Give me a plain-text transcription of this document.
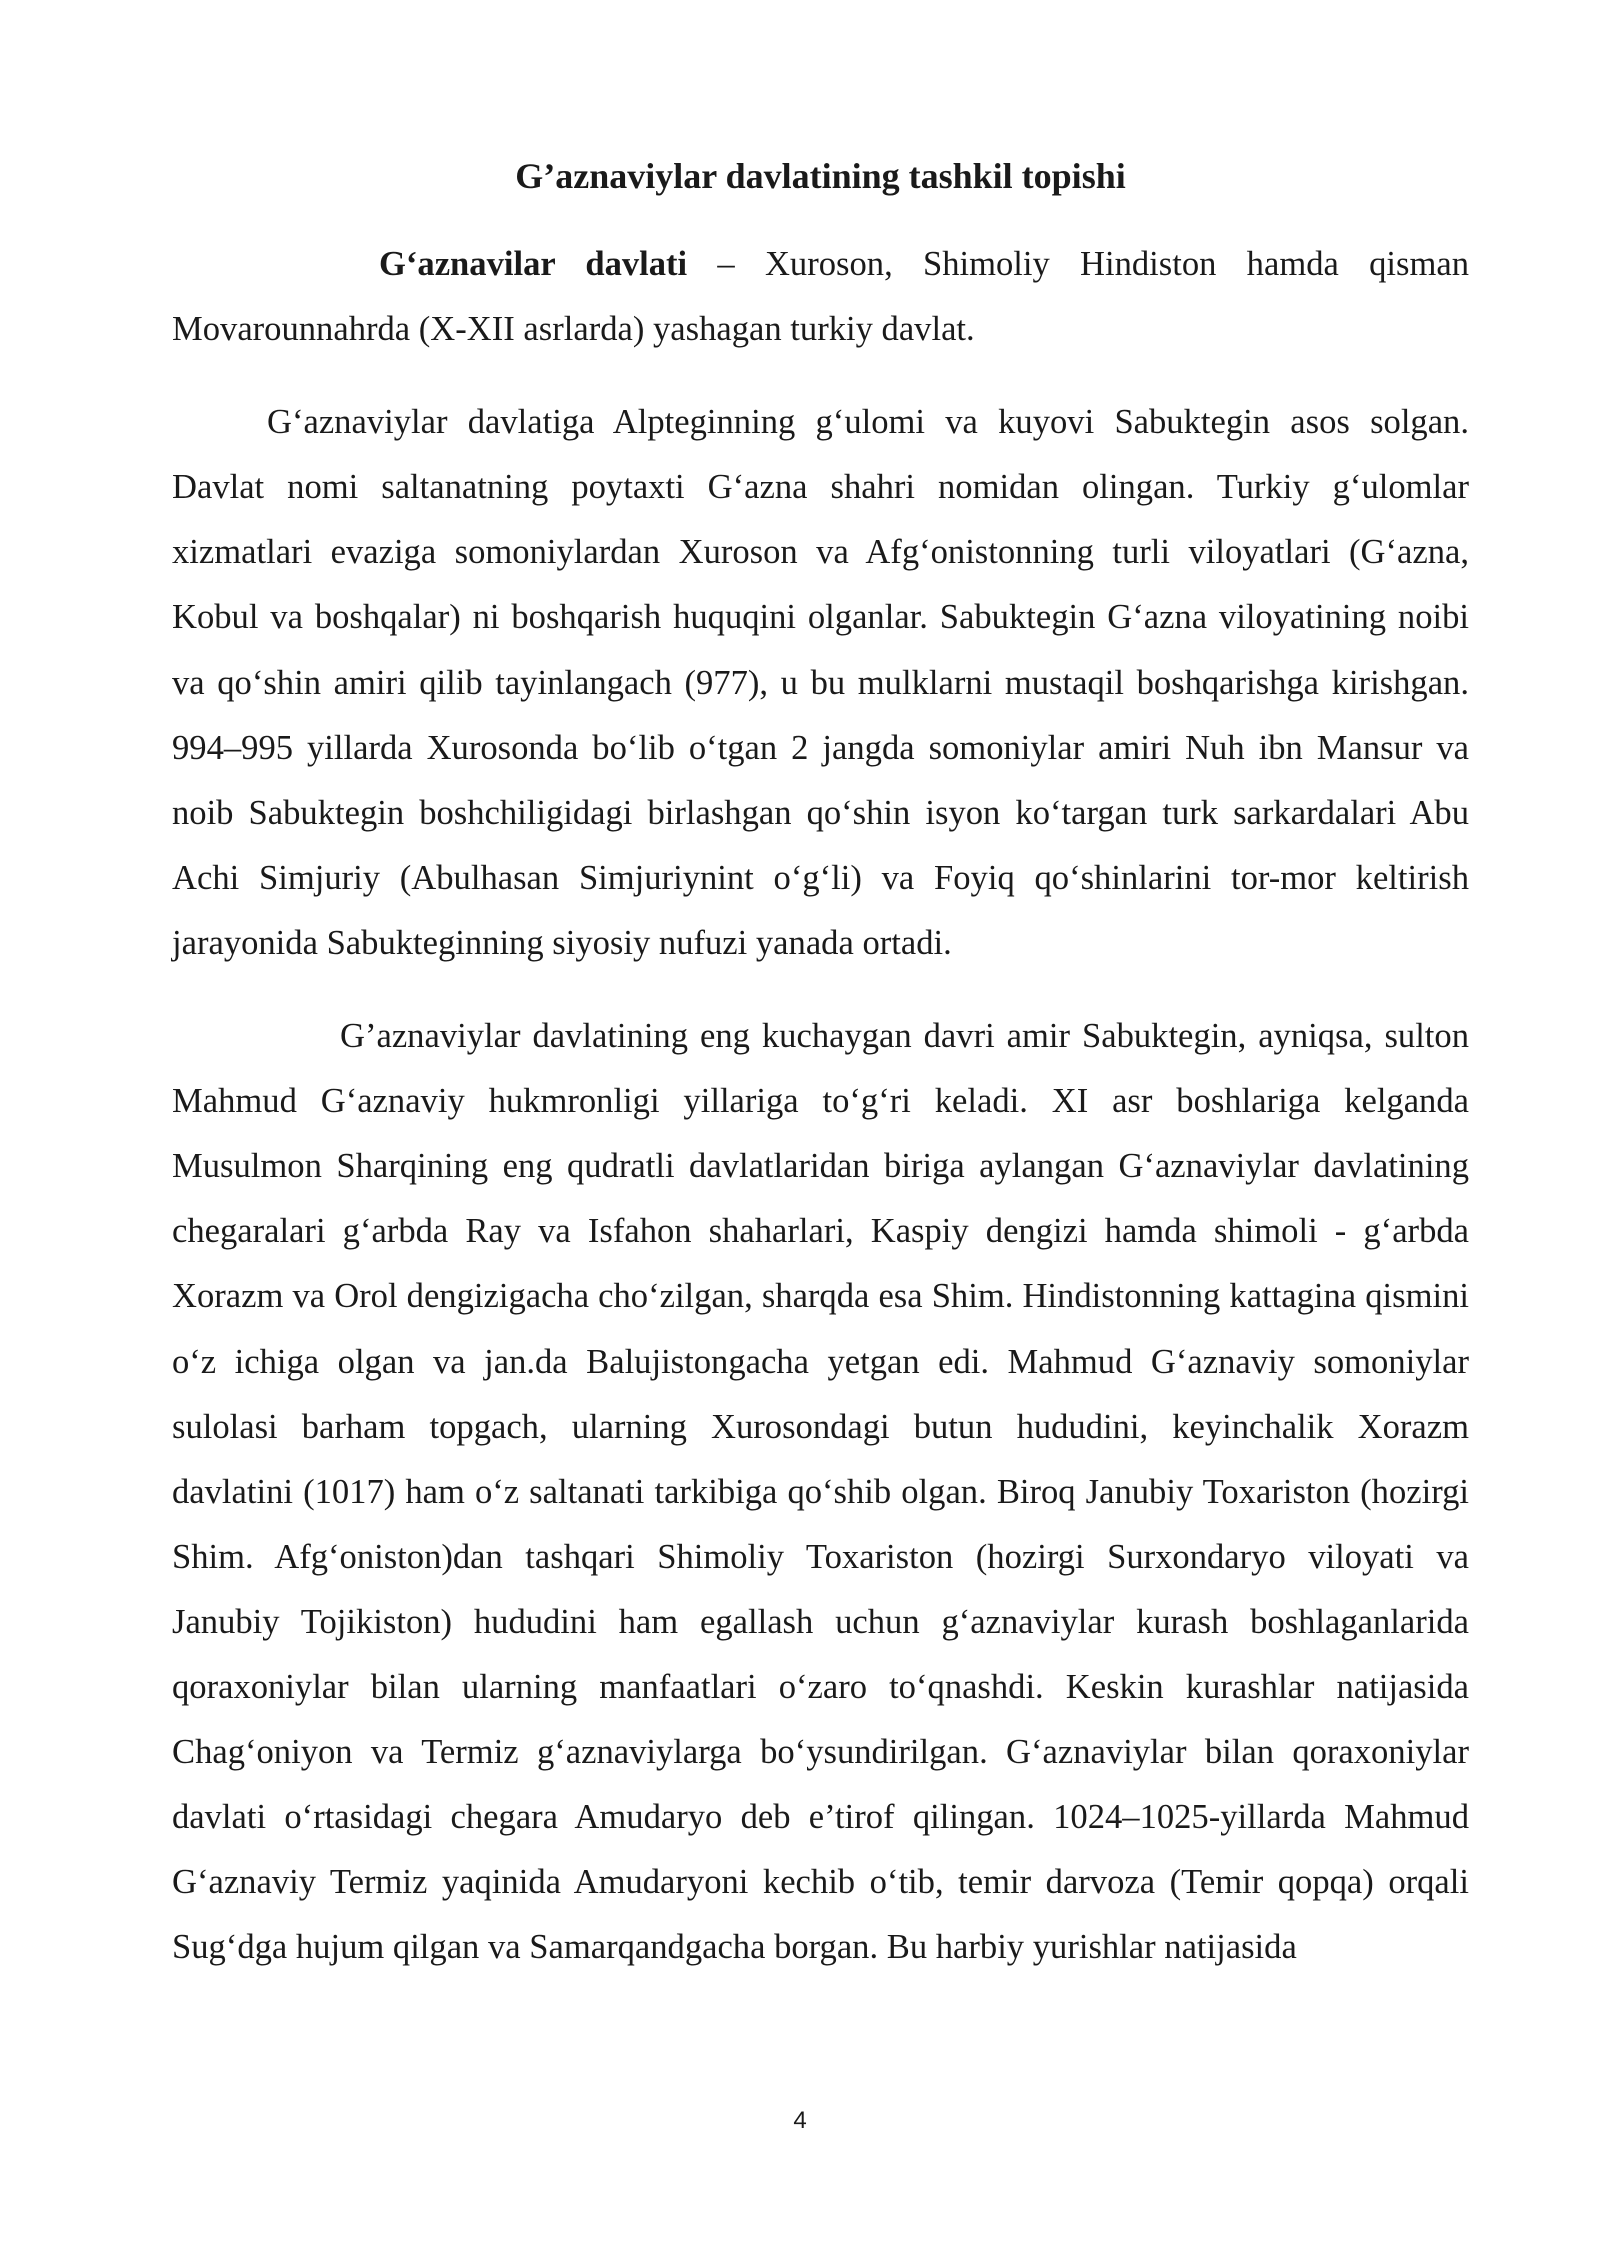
G’aznaviylar davlatining tashkil topishi

G‘aznavilar davlati – Xuroson, Shimoliy Hindiston hamda qisman Movarounnahrda (X-XII asrlarda) yashagan turkiy davlat.

G‘aznaviylar davlatiga Alpteginning g‘ulomi va kuyovi Sabuktegin asos solgan. Davlat nomi saltanatning poytaxti G‘azna shahri nomidan olingan. Turkiy g‘ulomlar xizmatlari evaziga somoniylardan Xuroson va Afg‘onistonning turli viloyatlari (G‘azna, Kobul va boshqalar) ni boshqarish huquqini olganlar. Sabuktegin G‘azna viloyatining noibi va qo‘shin amiri qilib tayinlangach (977), u bu mulklarni mustaqil boshqarishga kirishgan. 994–995 yillarda Xurosonda bo‘lib o‘tgan 2 jangda somoniylar amiri Nuh ibn Mansur va noib Sabuktegin boshchiligidagi birlashgan qo‘shin isyon ko‘targan turk sarkardalari Abu Achi Simjuriy (Abulhasan Simjuriynint o‘g‘li) va Foyiq qo‘shinlarini tor-mor keltirish jarayonida Sabukteginning siyosiy nufuzi yanada ortadi.

G’aznaviylar davlatining eng kuchaygan davri amir Sabuktegin, ayniqsa, sulton Mahmud G‘aznaviy hukmronligi yillariga to‘g‘ri keladi. XI asr boshlariga kelganda Musulmon Sharqining eng qudratli davlatlaridan biriga aylangan G‘aznaviylar davlatining chegaralari g‘arbda Ray va Isfahon shaharlari, Kaspiy dengizi hamda shimoli - g‘arbda Xorazm va Orol dengizigacha cho‘zilgan, sharqda esa Shim. Hindistonning kattagina qismini o‘z ichiga olgan va jan.da Balujistongacha yetgan edi. Mahmud G‘aznaviy somoniylar sulolasi barham topgach, ularning Xurosondagi butun hududini, keyinchalik Xorazm davlatini (1017) ham o‘z saltanati tarkibiga qo‘shib olgan. Biroq Janubiy Toxariston (hozirgi Shim. Afg‘oniston)dan tashqari Shimoliy Toxariston (hozirgi Surxondaryo viloyati va Janubiy Tojikiston) hududini ham egallash uchun g‘aznaviylar kurash boshlaganlarida qoraxoniylar bilan ularning manfaatlari o‘zaro to‘qnashdi. Keskin kurashlar natijasida Chag‘oniyon va Termiz g‘aznaviylarga bo‘ysundirilgan. G‘aznaviylar bilan qoraxoniylar davlati o‘rtasidagi chegara Amudaryo deb e’tirof qilingan. 1024–1025-yillarda Mahmud G‘aznaviy Termiz yaqinida Amudaryoni kechib o‘tib, temir darvoza (Temir qopqa) orqali Sug‘dga hujum qilgan va Samarqandgacha borgan. Bu harbiy yurishlar natijasida

4
